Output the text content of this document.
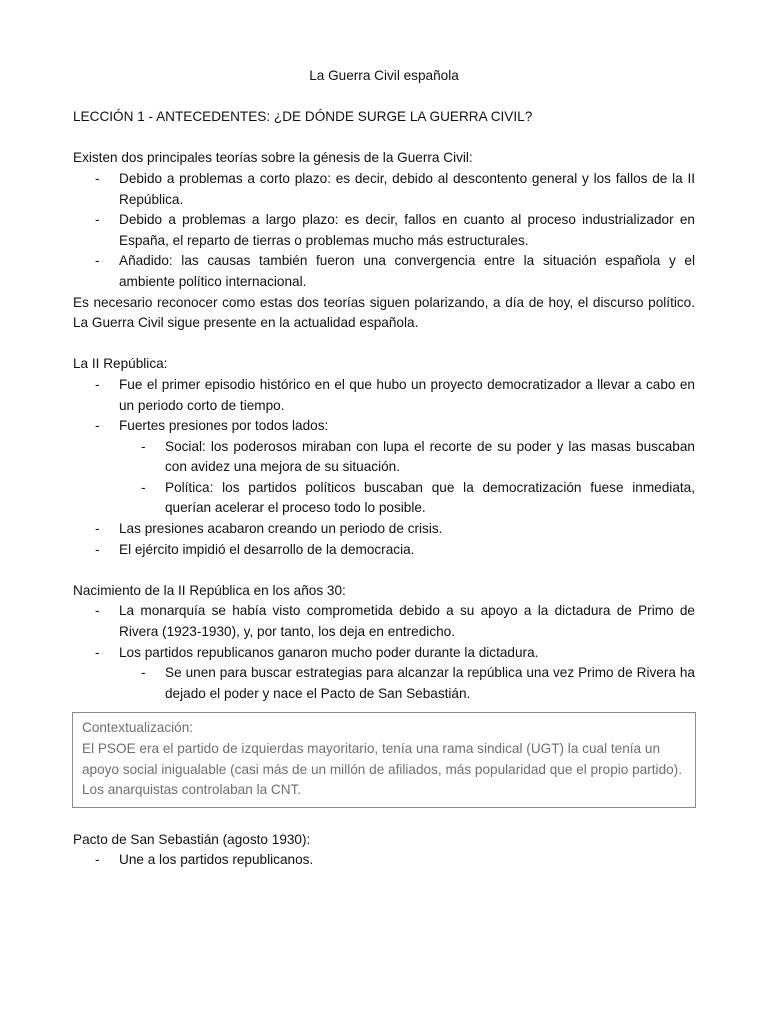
La Guerra Civil española
LECCIÓN 1 - ANTECEDENTES: ¿DE DÓNDE SURGE LA GUERRA CIVIL?

Existen dos principales teorías sobre la génesis de la Guerra Civil:

- Debido a problemas a corto plazo: es decir, debido al descontento general y los fallos de la II República.
- Debido a problemas a largo plazo: es decir, fallos en cuanto al proceso industrializador en España, el reparto de tierras o problemas mucho más estructurales.
- Añadido: las causas también fueron una convergencia entre la situación española y el ambiente político internacional.

Es necesario reconocer como estas dos teorías siguen polarizando, a día de hoy, el discurso político. La Guerra Civil sigue presente en la actualidad española.

La II República:

- Fue el primer episodio histórico en el que hubo un proyecto democratizador a llevar a cabo en un periodo corto de tiempo.
- Fuertes presiones por todos lados:
- Social: los poderosos miraban con lupa el recorte de su poder y las masas buscaban con avidez una mejora de su situación.
- Política: los partidos políticos buscaban que la democratización fuese inmediata, querían acelerar el proceso todo lo posible.
- Las presiones acabaron creando un periodo de crisis.
- El ejército impidió el desarrollo de la democracia.

Nacimiento de la II República en los años 30:

- La monarquía se había visto comprometida debido a su apoyo a la dictadura de Primo de Rivera (1923-1930), y, por tanto, los deja en entredicho.
- Los partidos republicanos ganaron mucho poder durante la dictadura.
- Se unen para buscar estrategias para alcanzar la república una vez Primo de Rivera ha dejado el poder y nace el Pacto de San Sebastián.

Contextualización:

El PSOE era el partido de izquierdas mayoritario, tenía una rama sindical (UGT) la cual tenía un apoyo social inigualable (casi más de un millón de afiliados, más popularidad que el propio partido).

Los anarquistas controlaban la CNT.

Pacto de San Sebastián (agosto 1930):

- Une a los partidos republicanos.
